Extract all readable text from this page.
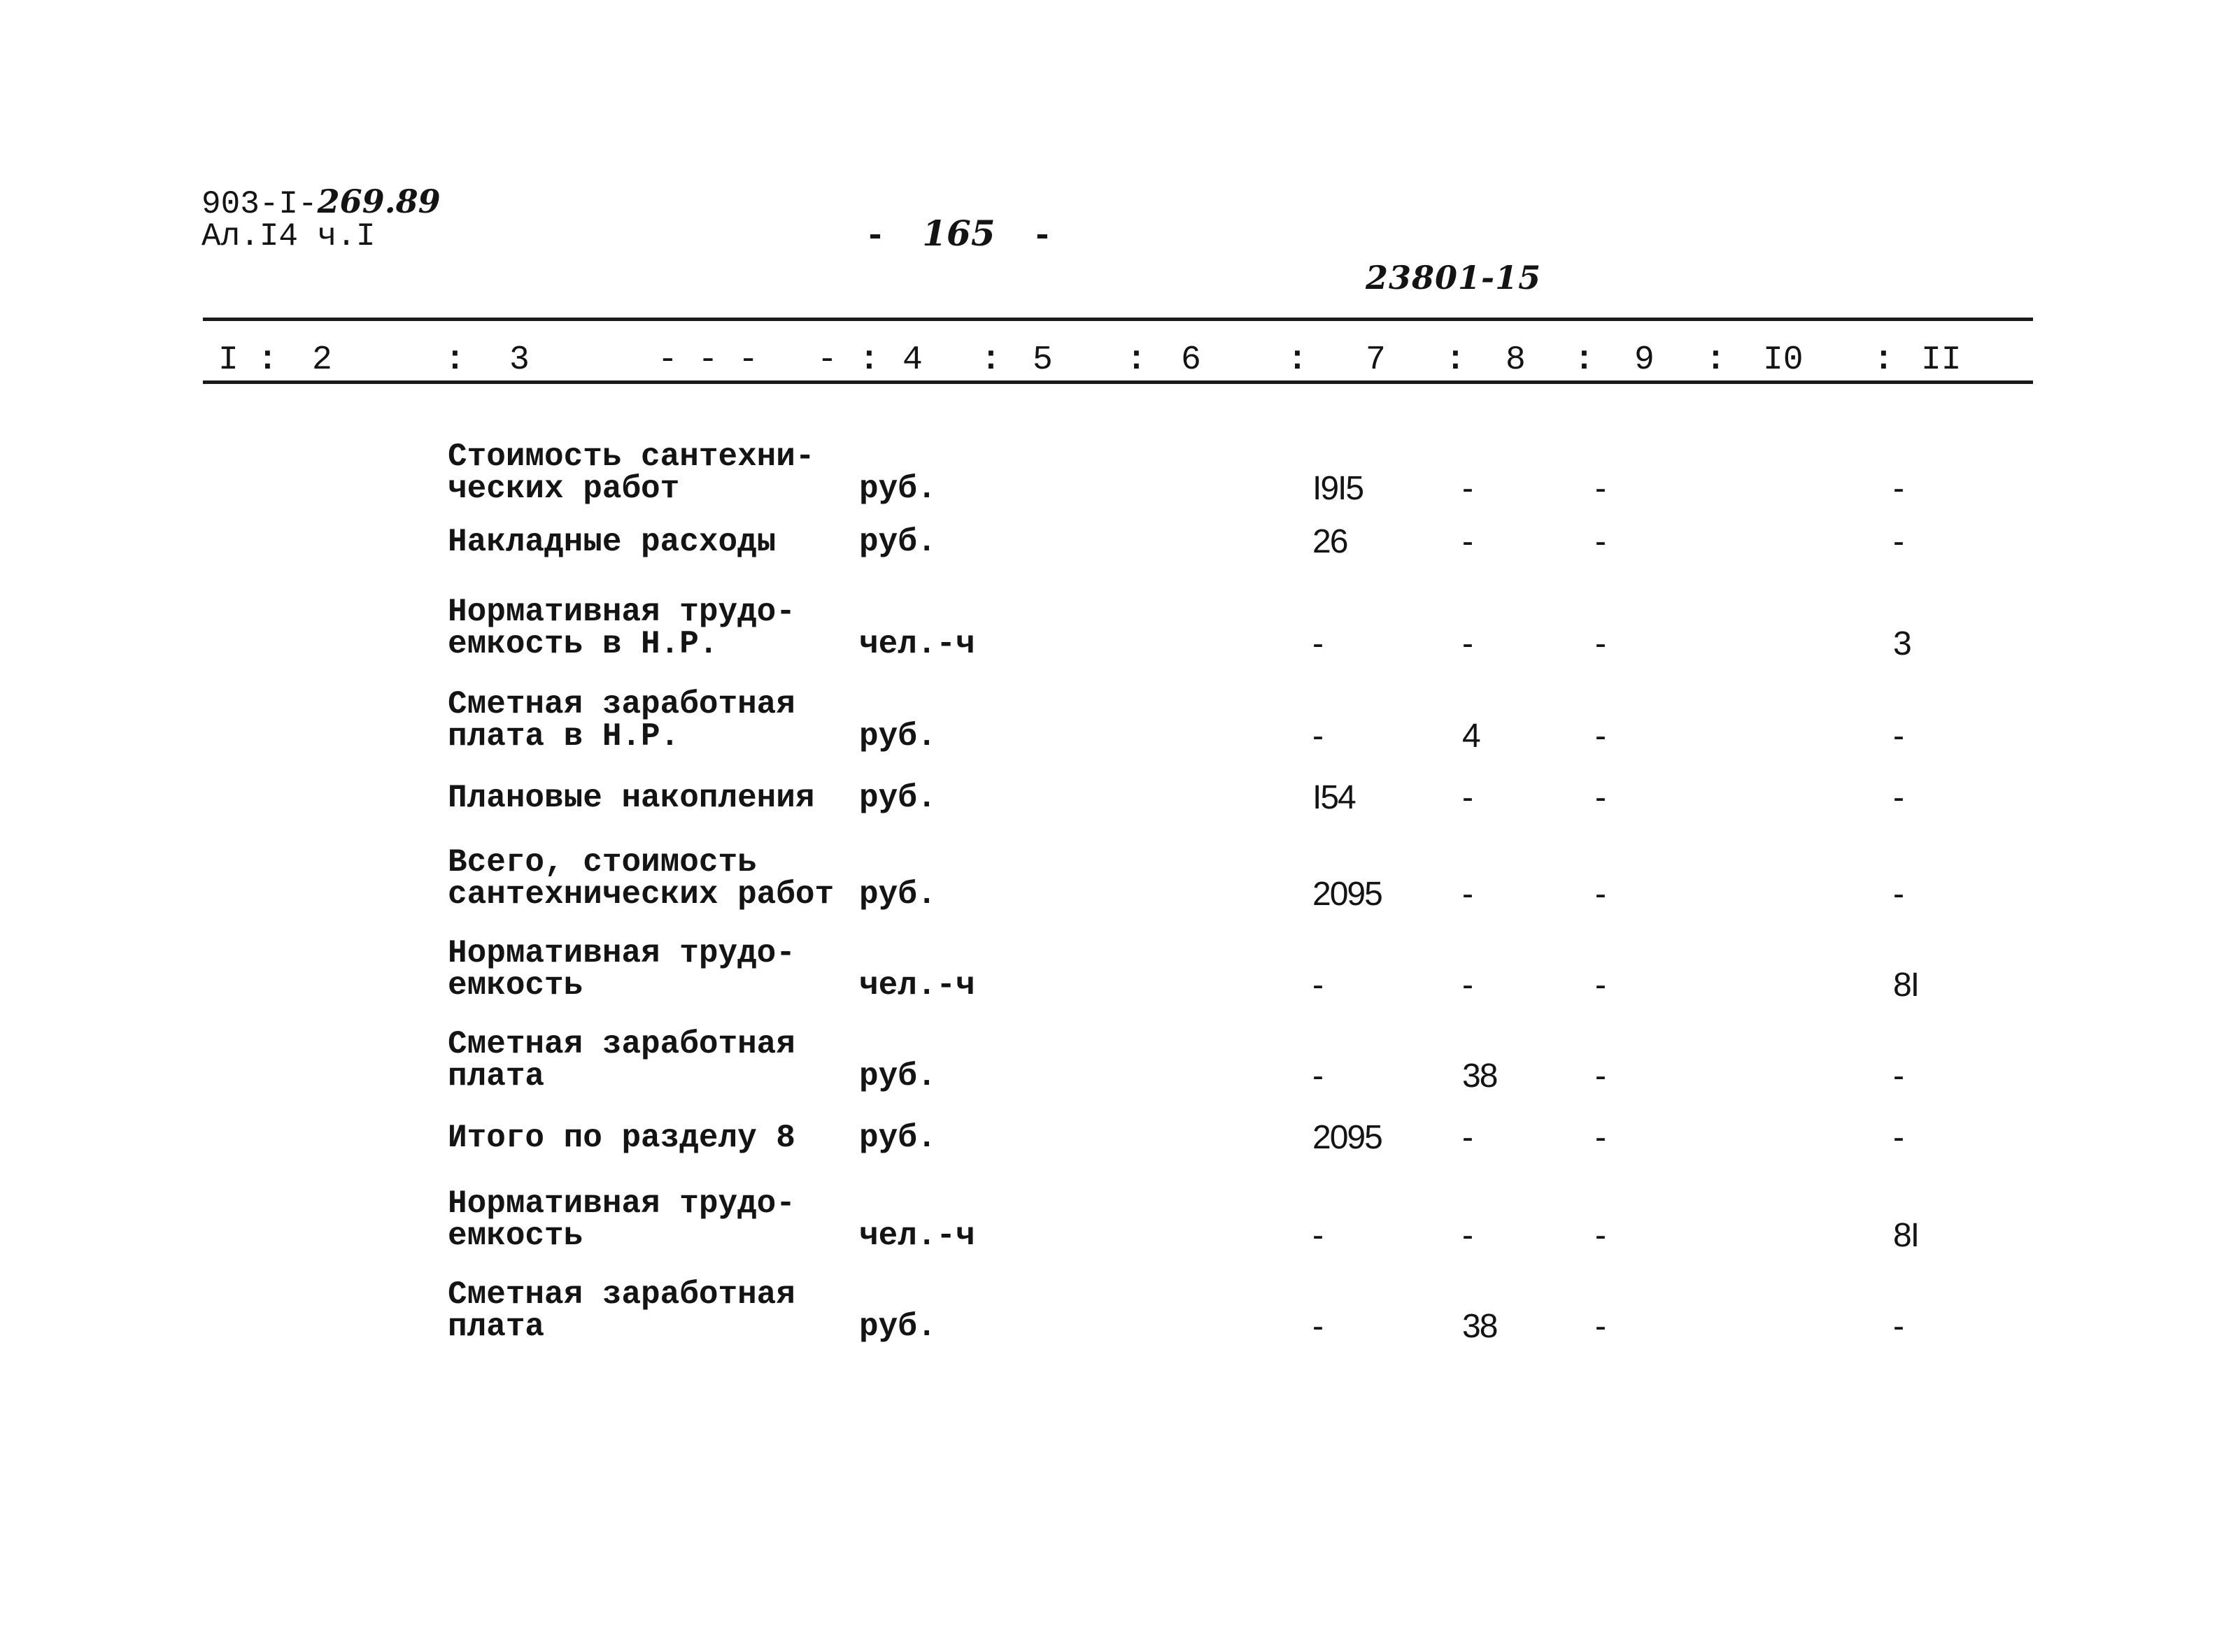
903-I-269.89
Ал.I4 ч.I	- 165 -
23801-15
I : 2	: 3	- - - - : 4 : 5 : 6	: 7 : 8 : 9 : I0 : II
Стоимость сантехни-
ческих работ	руб.	I9I5	-	-	-
Накладные расходы	руб.	26	-	-	-
Нормативная трудо-
емкость в Н.Р.	чел.-ч	-	-	-	3
Сметная заработная
плата в Н.Р.	руб.	-	4	-	-
Плановые накопления руб.	I54	-	-	-
Всего, стоимость
сантехнических работ руб.	2095 -	-	-
Нормативная трудо-
емкость	чел.-ч	-	-	-	8I
Сметная заработная
плата	руб.	-	38	-	-
Итого по разделу 8 руб.	2095 -	-	-
Нормативная трудо-
емкость	чел.-ч	-	-	-	8I
Сметная заработная
плата	руб.	-	38	-	-
